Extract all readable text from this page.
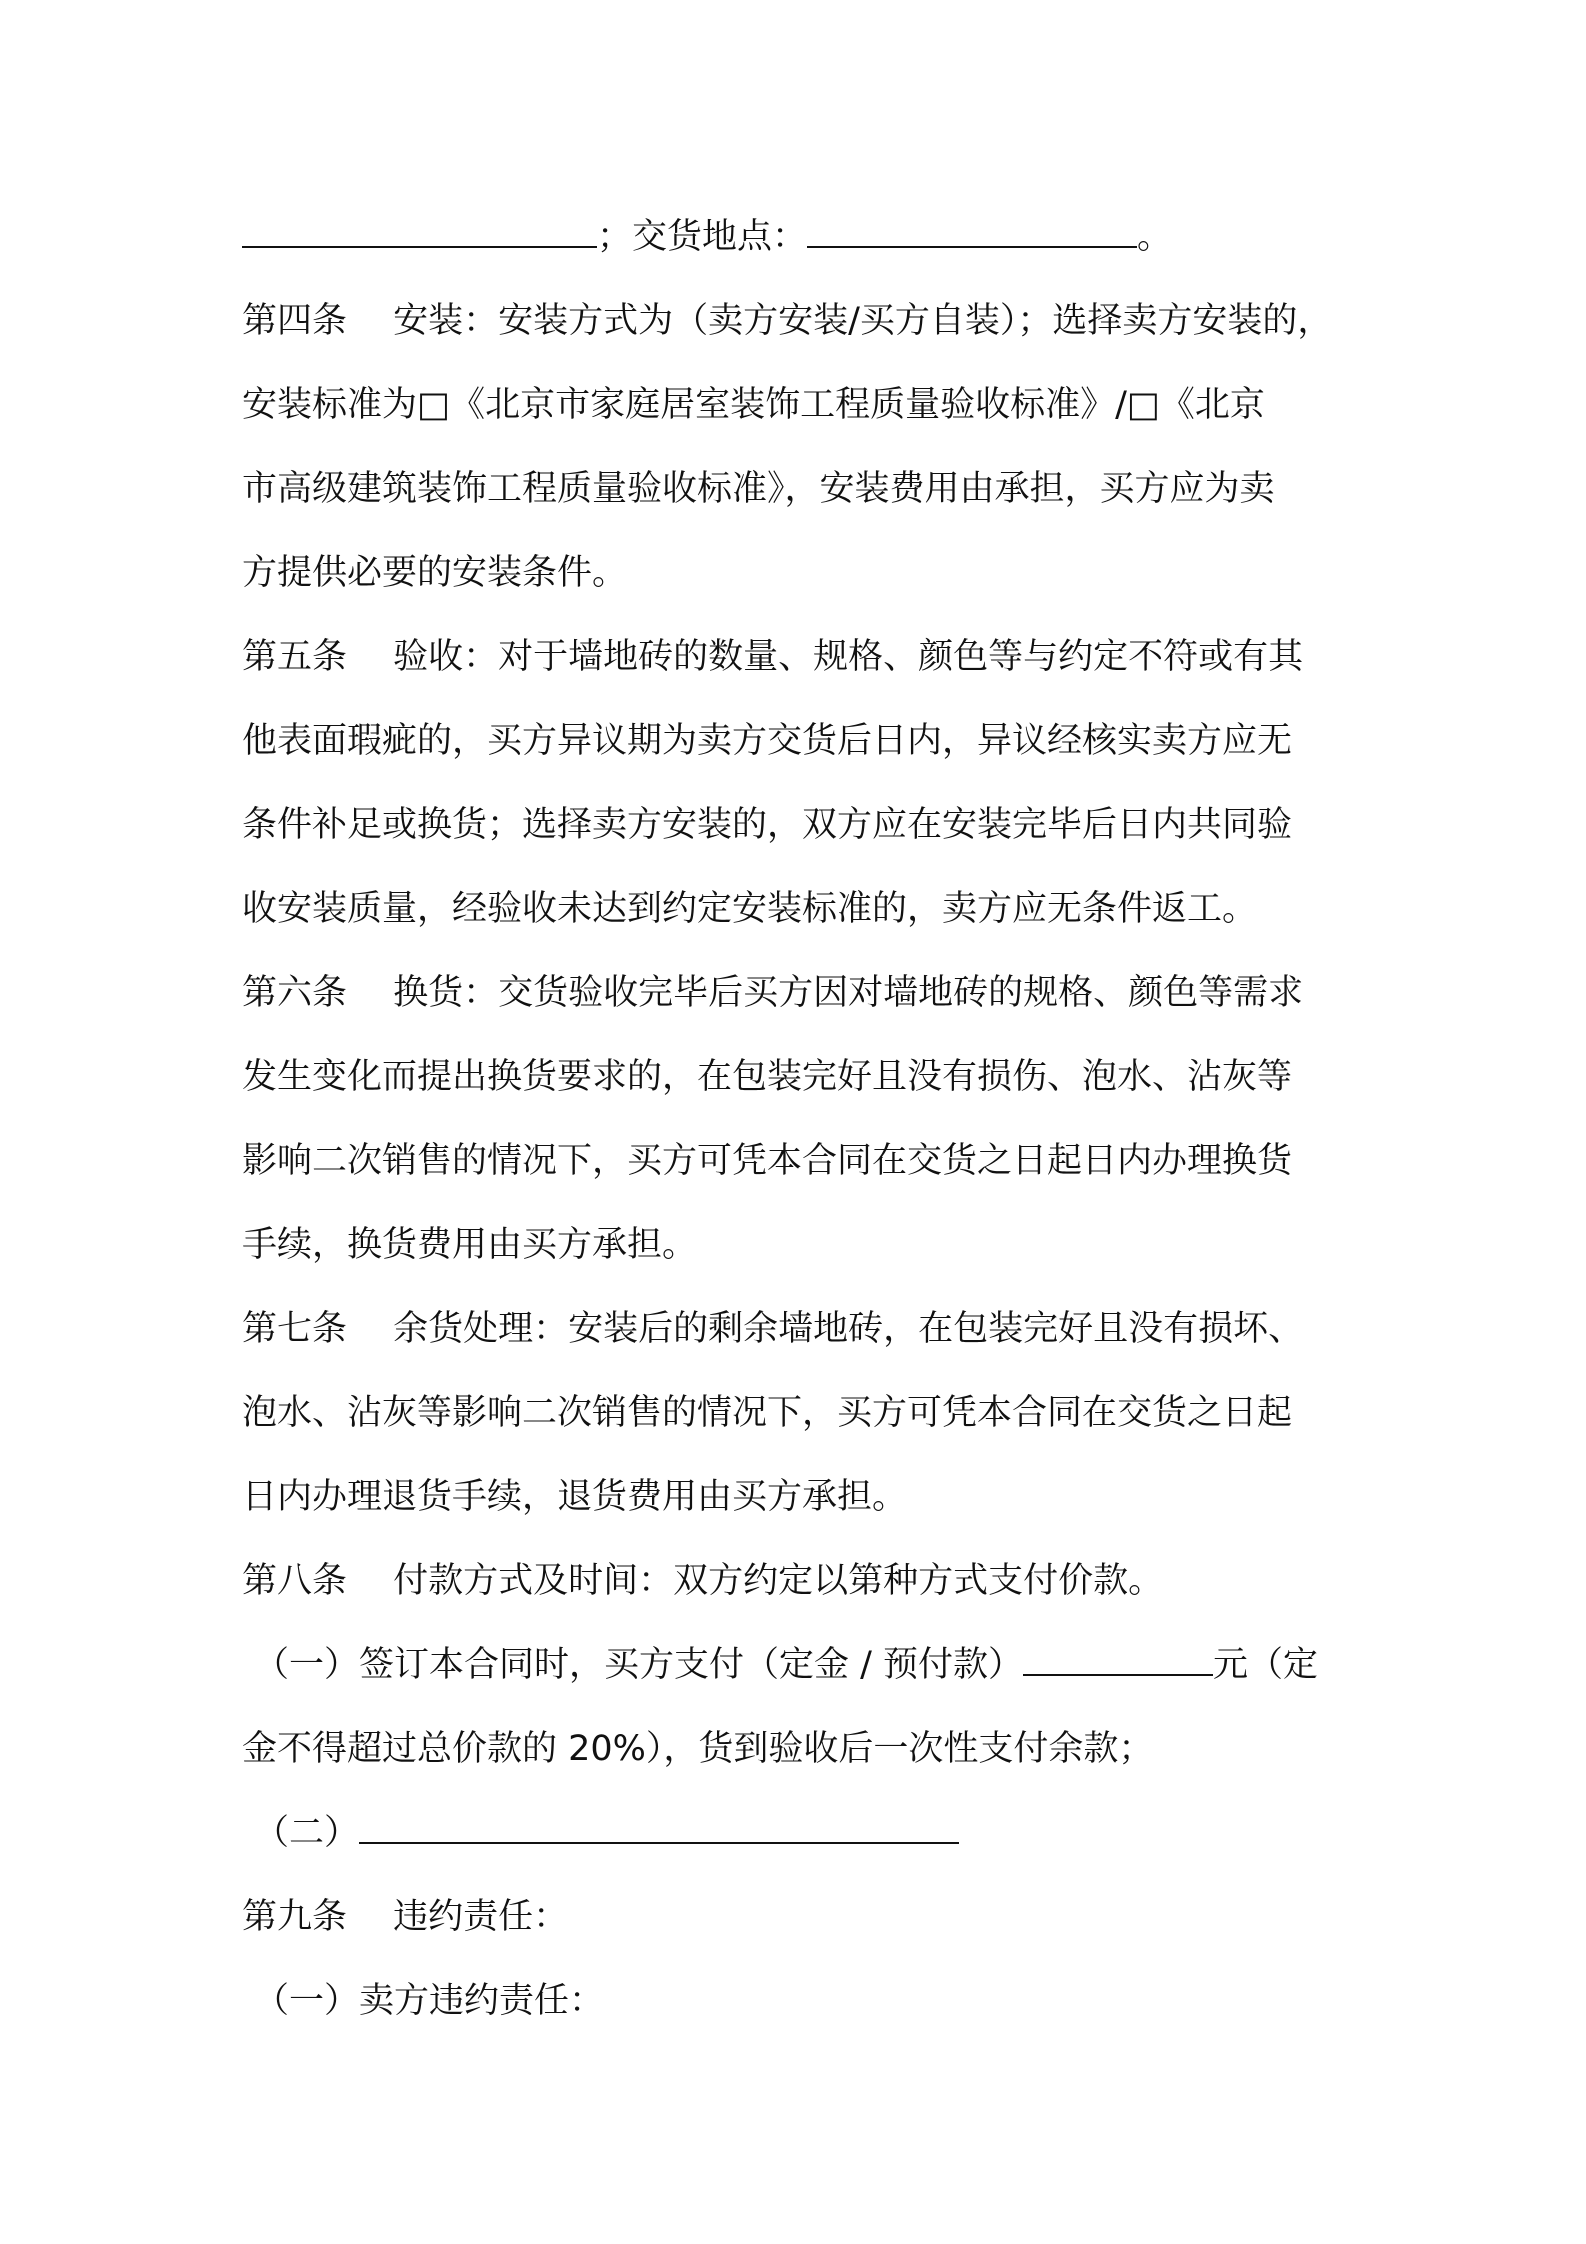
；交货地点：	。
第四条　 安装：安装方式为（卖方安装/买方自装）；选择卖方安装的，
安装标准为□《北京市家庭居室装饰工程质量验收标准》/□《北京
市高级建筑装饰工程质量验收标准》，安装费用由承担，买方应为卖
方提供必要的安装条件。
第五条　 验收：对于墙地砖的数量、规格、颜色等与约定不符或有其
他表面瑕疵的，买方异议期为卖方交货后日内，异议经核实卖方应无
条件补足或换货；选择卖方安装的，双方应在安装完毕后日内共同验
收安装质量，经验收未达到约定安装标准的，卖方应无条件返工。
第六条　 换货：交货验收完毕后买方因对墙地砖的规格、颜色等需求
发生变化而提出换货要求的，在包装完好且没有损伤、泡水、沾灰等
影响二次销售的情况下，买方可凭本合同在交货之日起日内办理换货
手续，换货费用由买方承担。
第七条　 余货处理：安装后的剩余墙地砖，在包装完好且没有损坏、
泡水、沾灰等影响二次销售的情况下，买方可凭本合同在交货之日起
日内办理退货手续，退货费用由买方承担。
第八条　 付款方式及时间：双方约定以第种方式支付价款。
（一）签订本合同时，买方支付（定金 / 预付款）	元（定
金不得超过总价款的 20%），货到验收后一次性支付余款；
（二）
第九条　 违约责任：
（一）卖方违约责任：
